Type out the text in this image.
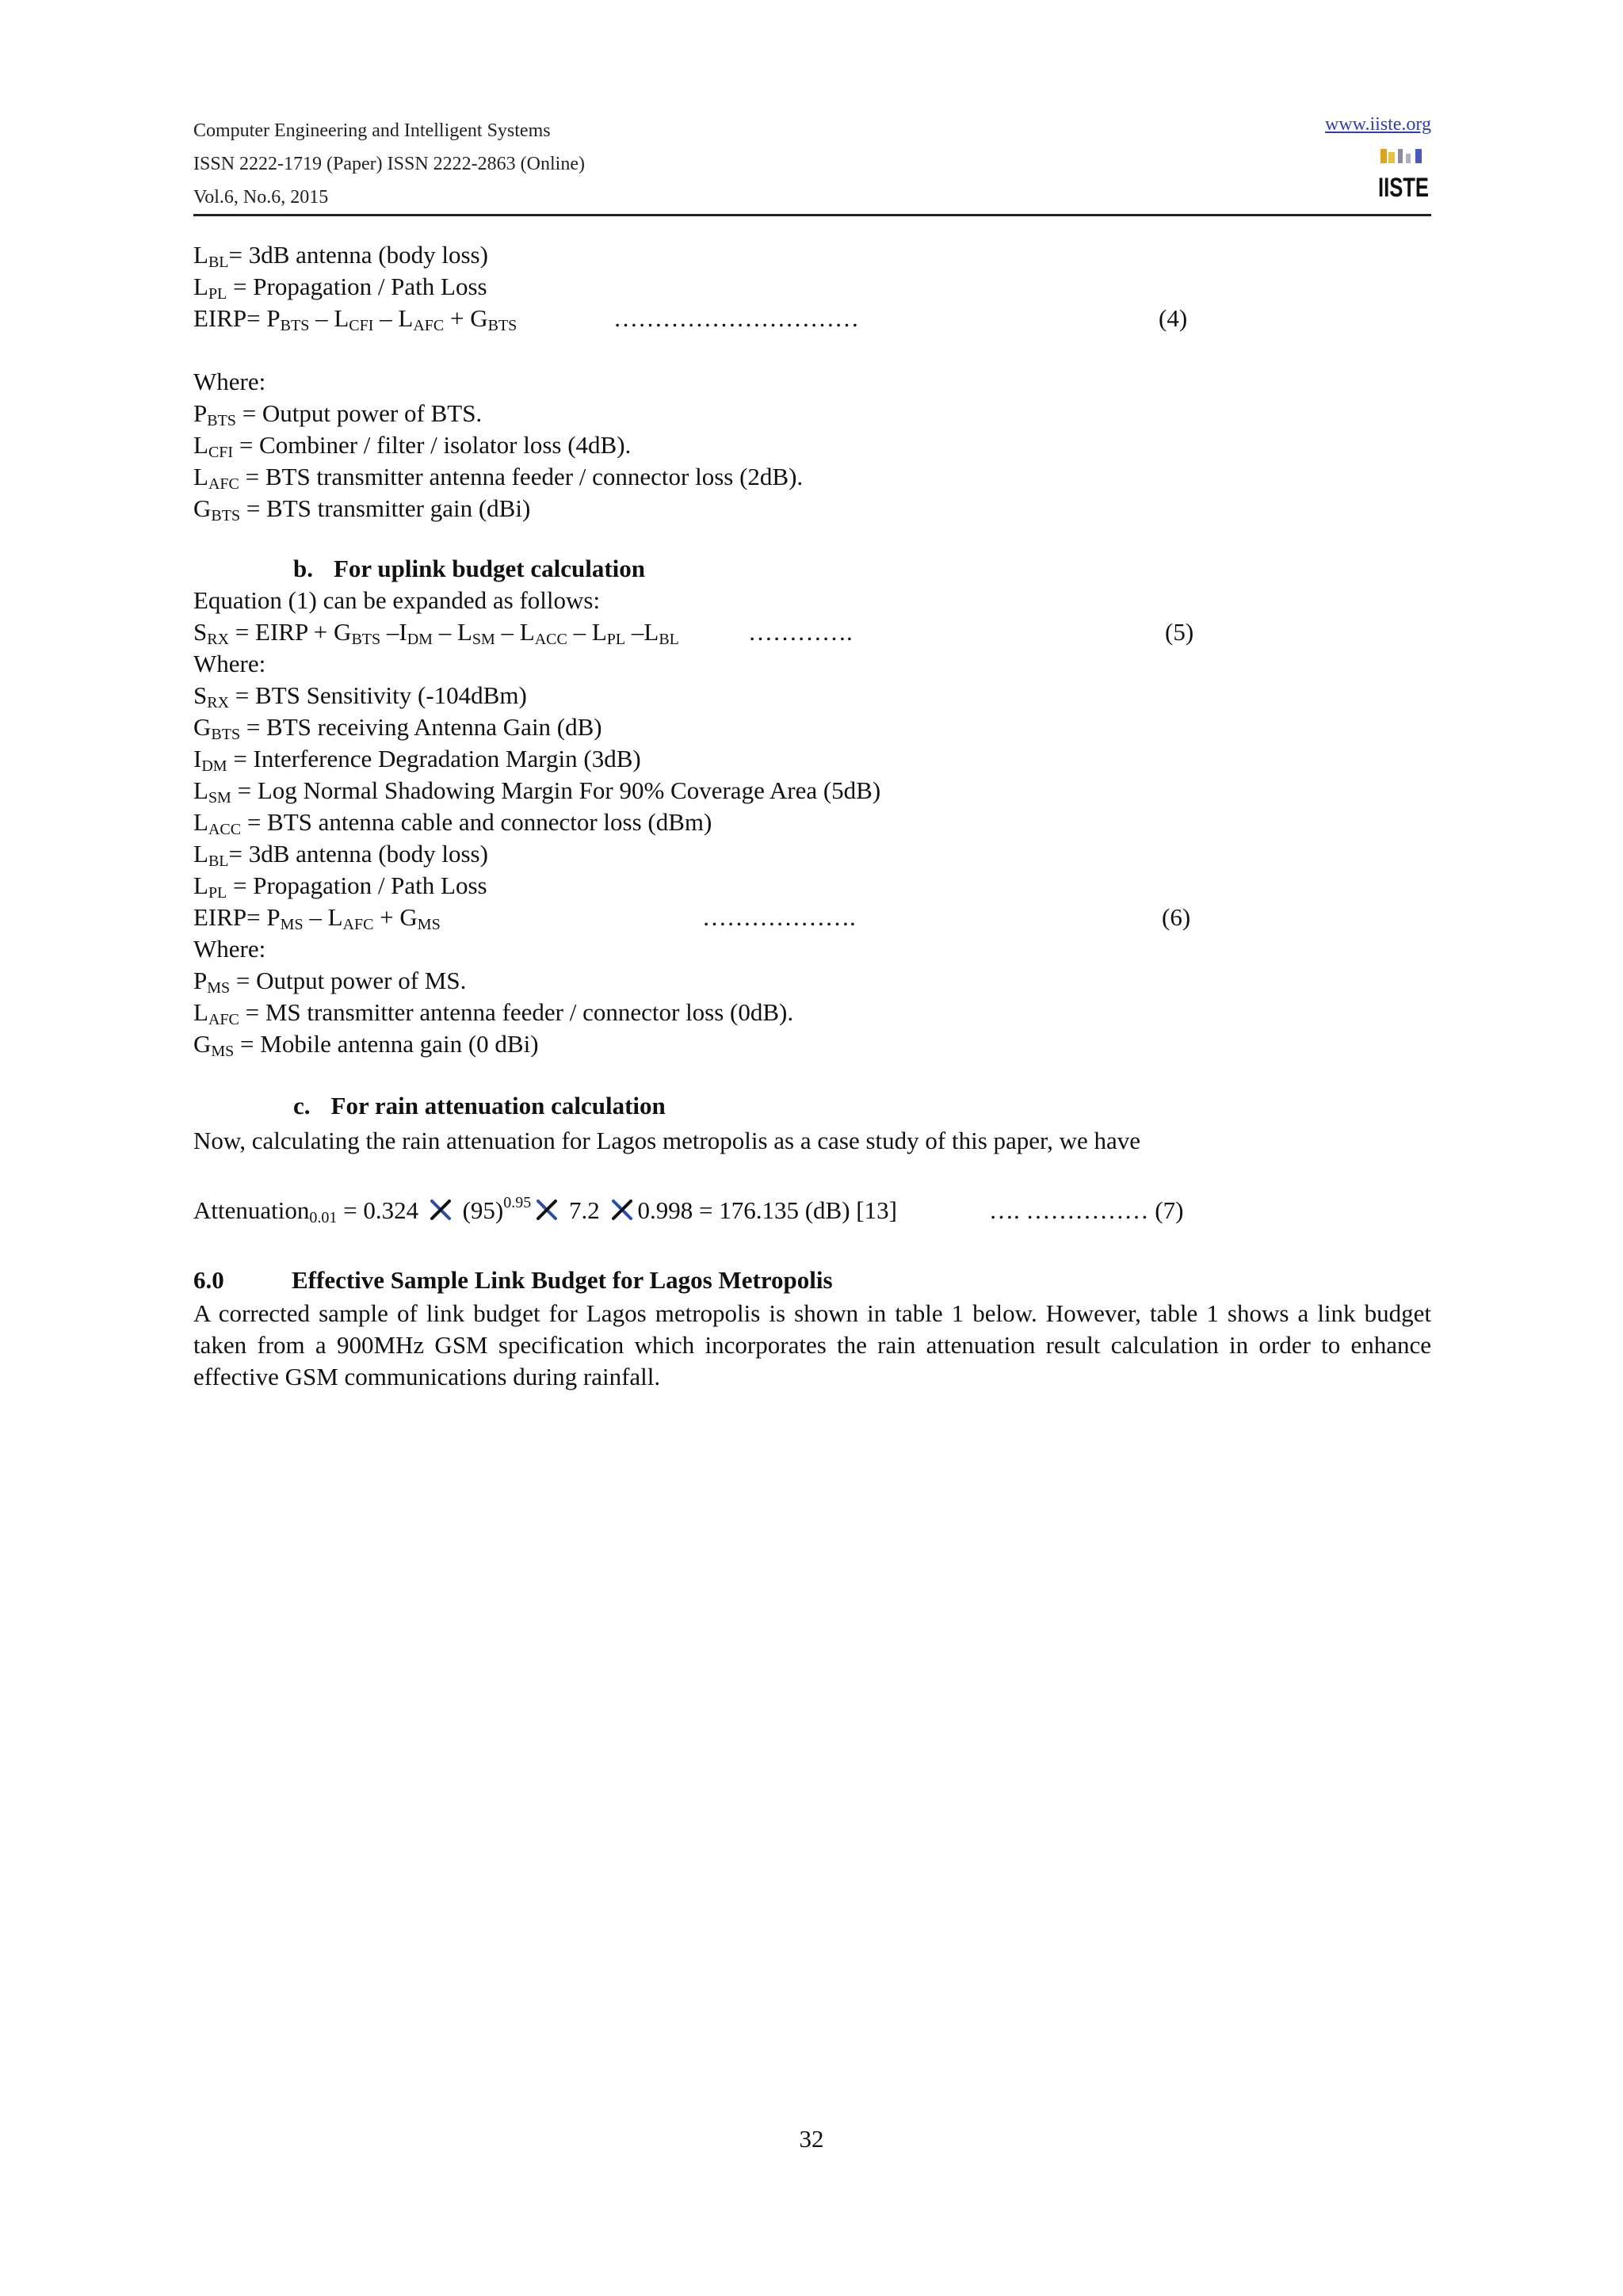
Computer Engineering and Intelligent Systems
ISSN 2222-1719 (Paper) ISSN 2222-2863 (Online)
Vol.6, No.6, 2015
www.iiste.org
IISTE
$L_{BL}= 3dB$ antenna (body loss)
$L_{PL}$ = Propagation / Path Loss
EIRP= $P_{BTS} - L_{CFI} - L_{AFC} + G_{BTS}$	…………………………	(4)
Where:
$P_{BTS}$ = Output power of BTS.
$L_{CFI}$ = Combiner / filter / isolator loss (4dB).
$L_{AFC}$ = BTS transmitter antenna feeder / connector loss (2dB).
$G_{BTS}$ = BTS transmitter gain (dBi)
b. For uplink budget calculation
Equation (1) can be expanded as follows:
$S_{RX}$ = EIRP + $G_{BTS}$ $-I_{DM} - L_{SM} - L_{ACC} - L_{PL}$ $-L_{BL}$	………….	(5)
Where:
$S_{RX}$ = BTS Sensitivity (-104dBm)
$G_{BTS}$ = BTS receiving Antenna Gain (dB)
$I_{DM}$ = Interference Degradation Margin (3dB)
$L_{SM}$ = Log Normal Shadowing Margin For 90% Coverage Area (5dB)
$L_{ACC}$ = BTS antenna cable and connector loss (dBm)
$L_{BL}= 3dB$ antenna (body loss)
$L_{PL}$ = Propagation / Path Loss
EIRP= $P_{MS} - L_{AFC} + G_{MS}$	……………….	(6)
Where:
$P_{MS}$ = Output power of MS.
$L_{AFC}$ = MS transmitter antenna feeder / connector loss (0dB).
$G_{MS}$ = Mobile antenna gain (0 dBi)
c. For rain attenuation calculation
Now, calculating the rain attenuation for Lagos metropolis as a case study of this paper, we have
Attenuation$_{0.01}$ = 0.324  $(95)^{0.95}$ 7.2 0.998 = 176.135 (dB) [13]	…. …………… (7)
6.0	Effective Sample Link Budget for Lagos Metropolis
A corrected sample of link budget for Lagos metropolis is shown in table 1 below. However, table 1 shows a link budget taken from a 900MHz GSM specification which incorporates the rain attenuation result calculation in order to enhance effective GSM communications during rainfall.
32
